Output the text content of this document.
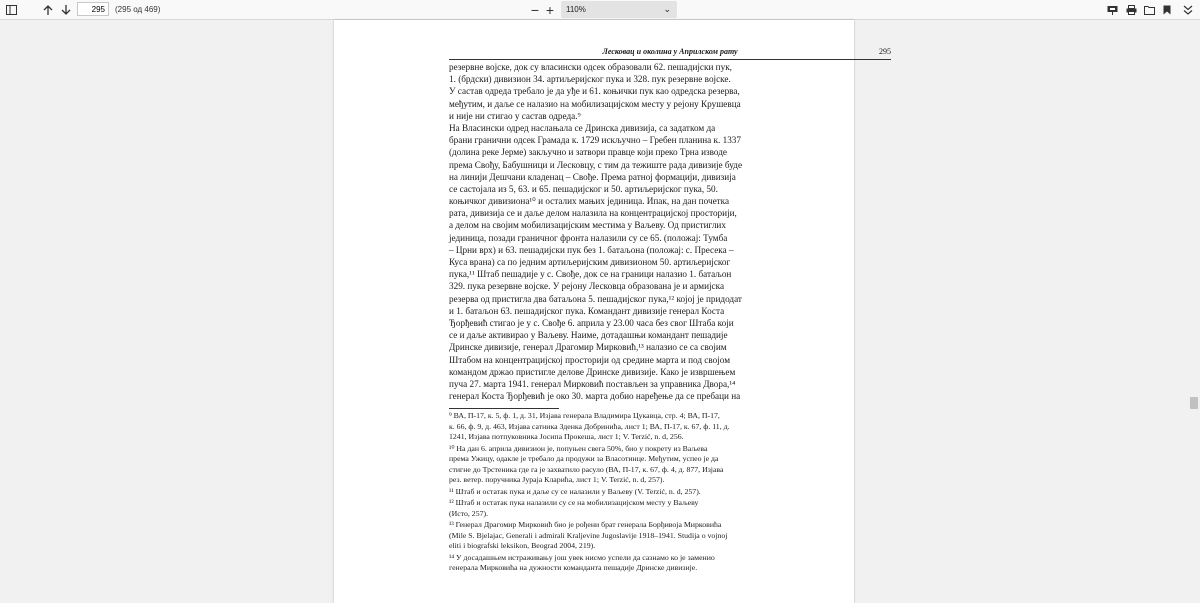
295
(295 од 469)	− +	110%	⌄
Лесковац и околина у Априлском рату	295
резервне војске, док су власински одсек образовали 62. пешадијски пук,
1. (брдски) дивизион 34. артиљеријског пука и 328. пук резервне војске.
У састав одреда требало је да уђе и 61. коњички пук као одредска резерва,
међутим, и даље се налазио на мобилизацијском месту у рејону Крушевца
и није ни стигао у састав одреда.⁹
На Власински одред наслањала се Дринска дивизија, са задатком да
брани гранични одсек Грамада к. 1729 искључно – Гребен планина к. 1337
(долина реке Јерме) закључно и затвори правце који преко Трна изводе
према Свођу, Бабушници и Лесковцу, с тим да тежиште рада дивизије буде
на линији Дешчани кладенац – Свође. Према ратној формацији, дивизија
се састојала из 5, 63. и 65. пешадијског и 50. артиљеријског пука, 50.
коњичког дивизиона¹⁰ и осталих мањих јединица. Ипак, на дан почетка
рата, дивизија се и даље делом налазила на концентрацијској просторији,
а делом на својим мобилизацијским местима у Ваљеву. Од пристиглих
јединица, позади граничног фронта налазили су се 65. (положај: Тумба
– Црни врх) и 63. пешадијски пук без 1. батаљона (положај: с. Пресека –
Куса врана) са по једним артиљеријским дивизионом 50. артиљеријског
пука,¹¹ Штаб пешадије у с. Свође, док се на граници налазио 1. батаљон
329. пука резервне војске. У рејону Лесковца образована је и армијска
резерва од пристигла два батаљона 5. пешадијског пука,¹² којој је придодат
и 1. батаљон 63. пешадијског пука. Командант дивизије генерал Коста
Ђорђевић стигао је у с. Свође 6. априла у 23.00 часа без свог Штаба који
се и даље активирао у Ваљеву. Наиме, дотадашњи командант пешадије
Дринске дивизије, генерал Драгомир Мирковић,¹³ налазио се са својим
Штабом на концентрацијској просторији од средине марта и под својом
командом држао пристигле делове Дринске дивизије. Како је извршењем
пуча 27. марта 1941. генерал Мирковић постављен за управника Двора,¹⁴
генерал Коста Ђорђевић је око 30. марта добио наређење да се пребаци на
⁹ ВА, П-17, к. 5, ф. 1, д. 31, Изјава генерала Владимира Цукавца, стр. 4; ВА, П-17,
к. 66, ф. 9, д. 463, Изјава сатника Зденка Добринића, лист 1; ВА, П-17, к. 67, ф. 11, д.
1241, Изјава потпуковника Јосипа Прокеша, лист 1; V. Terzić, n. d, 256.
¹⁰ На дан 6. априла дивизион је, попуњен свега 50%, био у покрету из Ваљева
према Ужицу, одакле је требало да продужи за Власотинце. Међутим, успео је да
стигне до Трстеника где га је захватило расуло (ВА, П-17, к. 67, ф. 4, д. 877, Изјава
рез. ветер. поручника Јураја Кларића, лист 1; V. Terzić, n. d, 257).
¹¹ Штаб и остатак пука и даље су се налазили у Ваљеву (V. Terzić, n. d, 257).
¹² Штаб и остатак пука налазили су се на мобилизацијском месту у Ваљеву
(Исто, 257).
¹³ Генерал Драгомир Мирковић био је рођени брат генерала Борђивоја Мирковића
(Mile S. Bjelajac, Generali i admirali Kraljevine Jugoslavije 1918–1941. Studija o vojnoj
eliti i biografski leksikon, Beograd 2004, 219).
¹⁴ У досадашњем истраживању још увек нисмо успели да сазнамо ко је заменио
генерала Мирковића на дужности команданта пешадије Дринске дивизије.
